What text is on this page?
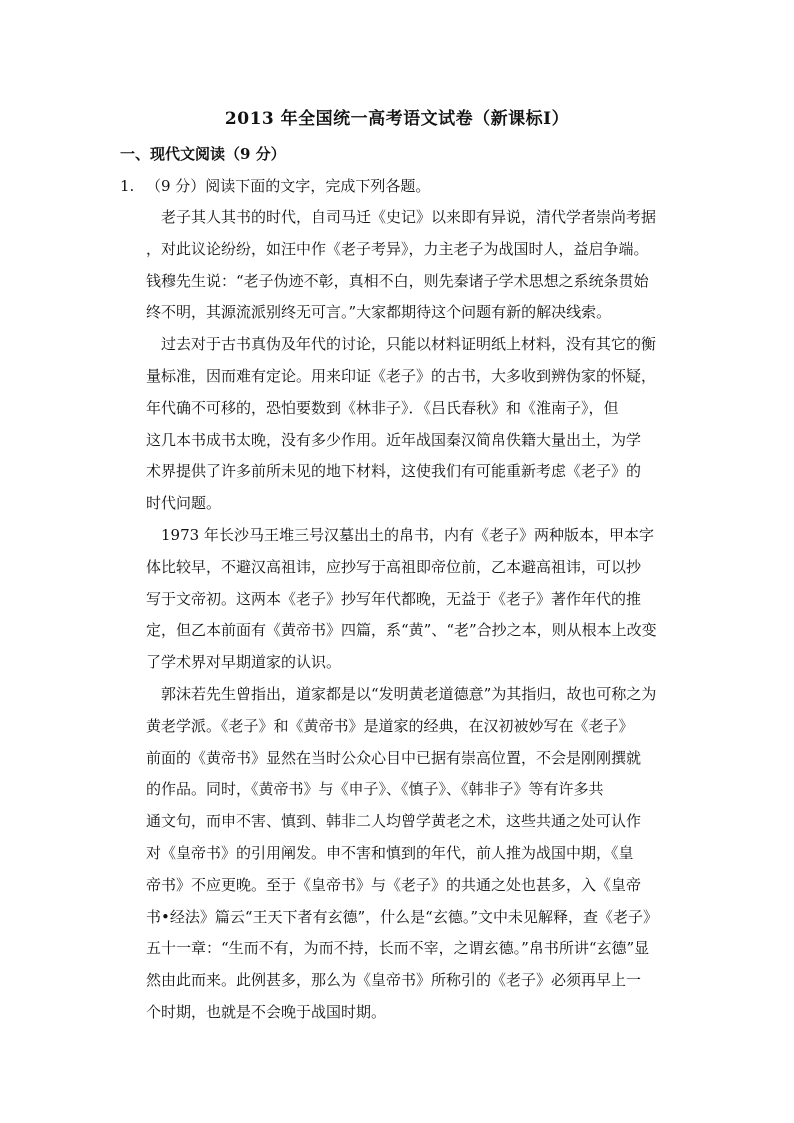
2013 年全国统一高考语文试卷（新课标Ⅰ）
一、现代文阅读（9 分）
1. （9 分）阅读下面的文字，完成下列各题。
　老子其人其书的时代，自司马迁《史记》以来即有异说，清代学者崇尚考据
，对此议论纷纷，如汪中作《老子考异》，力主老子为战国时人，益启争端。
钱穆先生说：“老子伪迹不彰，真相不白，则先秦诸子学术思想之系统条贯始
终不明，其源流派别终无可言。”大家都期待这个问题有新的解决线索。
　过去对于古书真伪及年代的讨论，只能以材料证明纸上材料，没有其它的衡
量标准，因而难有定论。用来印证《老子》的古书，大多收到辨伪家的怀疑，
年代确不可移的，恐怕要数到《林非子》．《吕氏春秋》和《淮南子》，但
这几本书成书太晚，没有多少作用。近年战国秦汉简帛佚籍大量出土，为学
术界提供了许多前所未见的地下材料，这使我们有可能重新考虑《老子》的
时代问题。
　1973 年长沙马王堆三号汉墓出土的帛书，内有《老子》两种版本，甲本字
体比较早，不避汉高祖讳，应抄写于高祖即帝位前，乙本避高祖讳，可以抄
写于文帝初。这两本《老子》抄写年代都晚，无益于《老子》著作年代的推
定，但乙本前面有《黄帝书》四篇，系“黄”、“老”合抄之本，则从根本上改变
了学术界对早期道家的认识。
　郭沫若先生曾指出，道家都是以“发明黄老道德意”为其指归，故也可称之为
黄老学派。《老子》和《黄帝书》是道家的经典，在汉初被妙写在《老子》
前面的《黄帝书》显然在当时公众心目中已据有崇高位置，不会是刚刚撰就
的作品。同时，《黄帝书》与《申子》、《慎子》、《韩非子》等有许多共
通文句，而申不害、慎到、韩非二人均曾学黄老之术，这些共通之处可认作
对《皇帝书》的引用阐发。申不害和慎到的年代，前人推为战国中期，《皇
帝书》不应更晚。至于《皇帝书》与《老子》的共通之处也甚多，入《皇帝
书•经法》篇云“王天下者有玄德”，什么是“玄德。”文中未见解释，查《老子》
五十一章：“生而不有，为而不持，长而不宰，之谓玄德。”帛书所讲“玄德”显
然由此而来。此例甚多，那么为《皇帝书》所称引的《老子》必须再早上一
个时期，也就是不会晚于战国时期。
